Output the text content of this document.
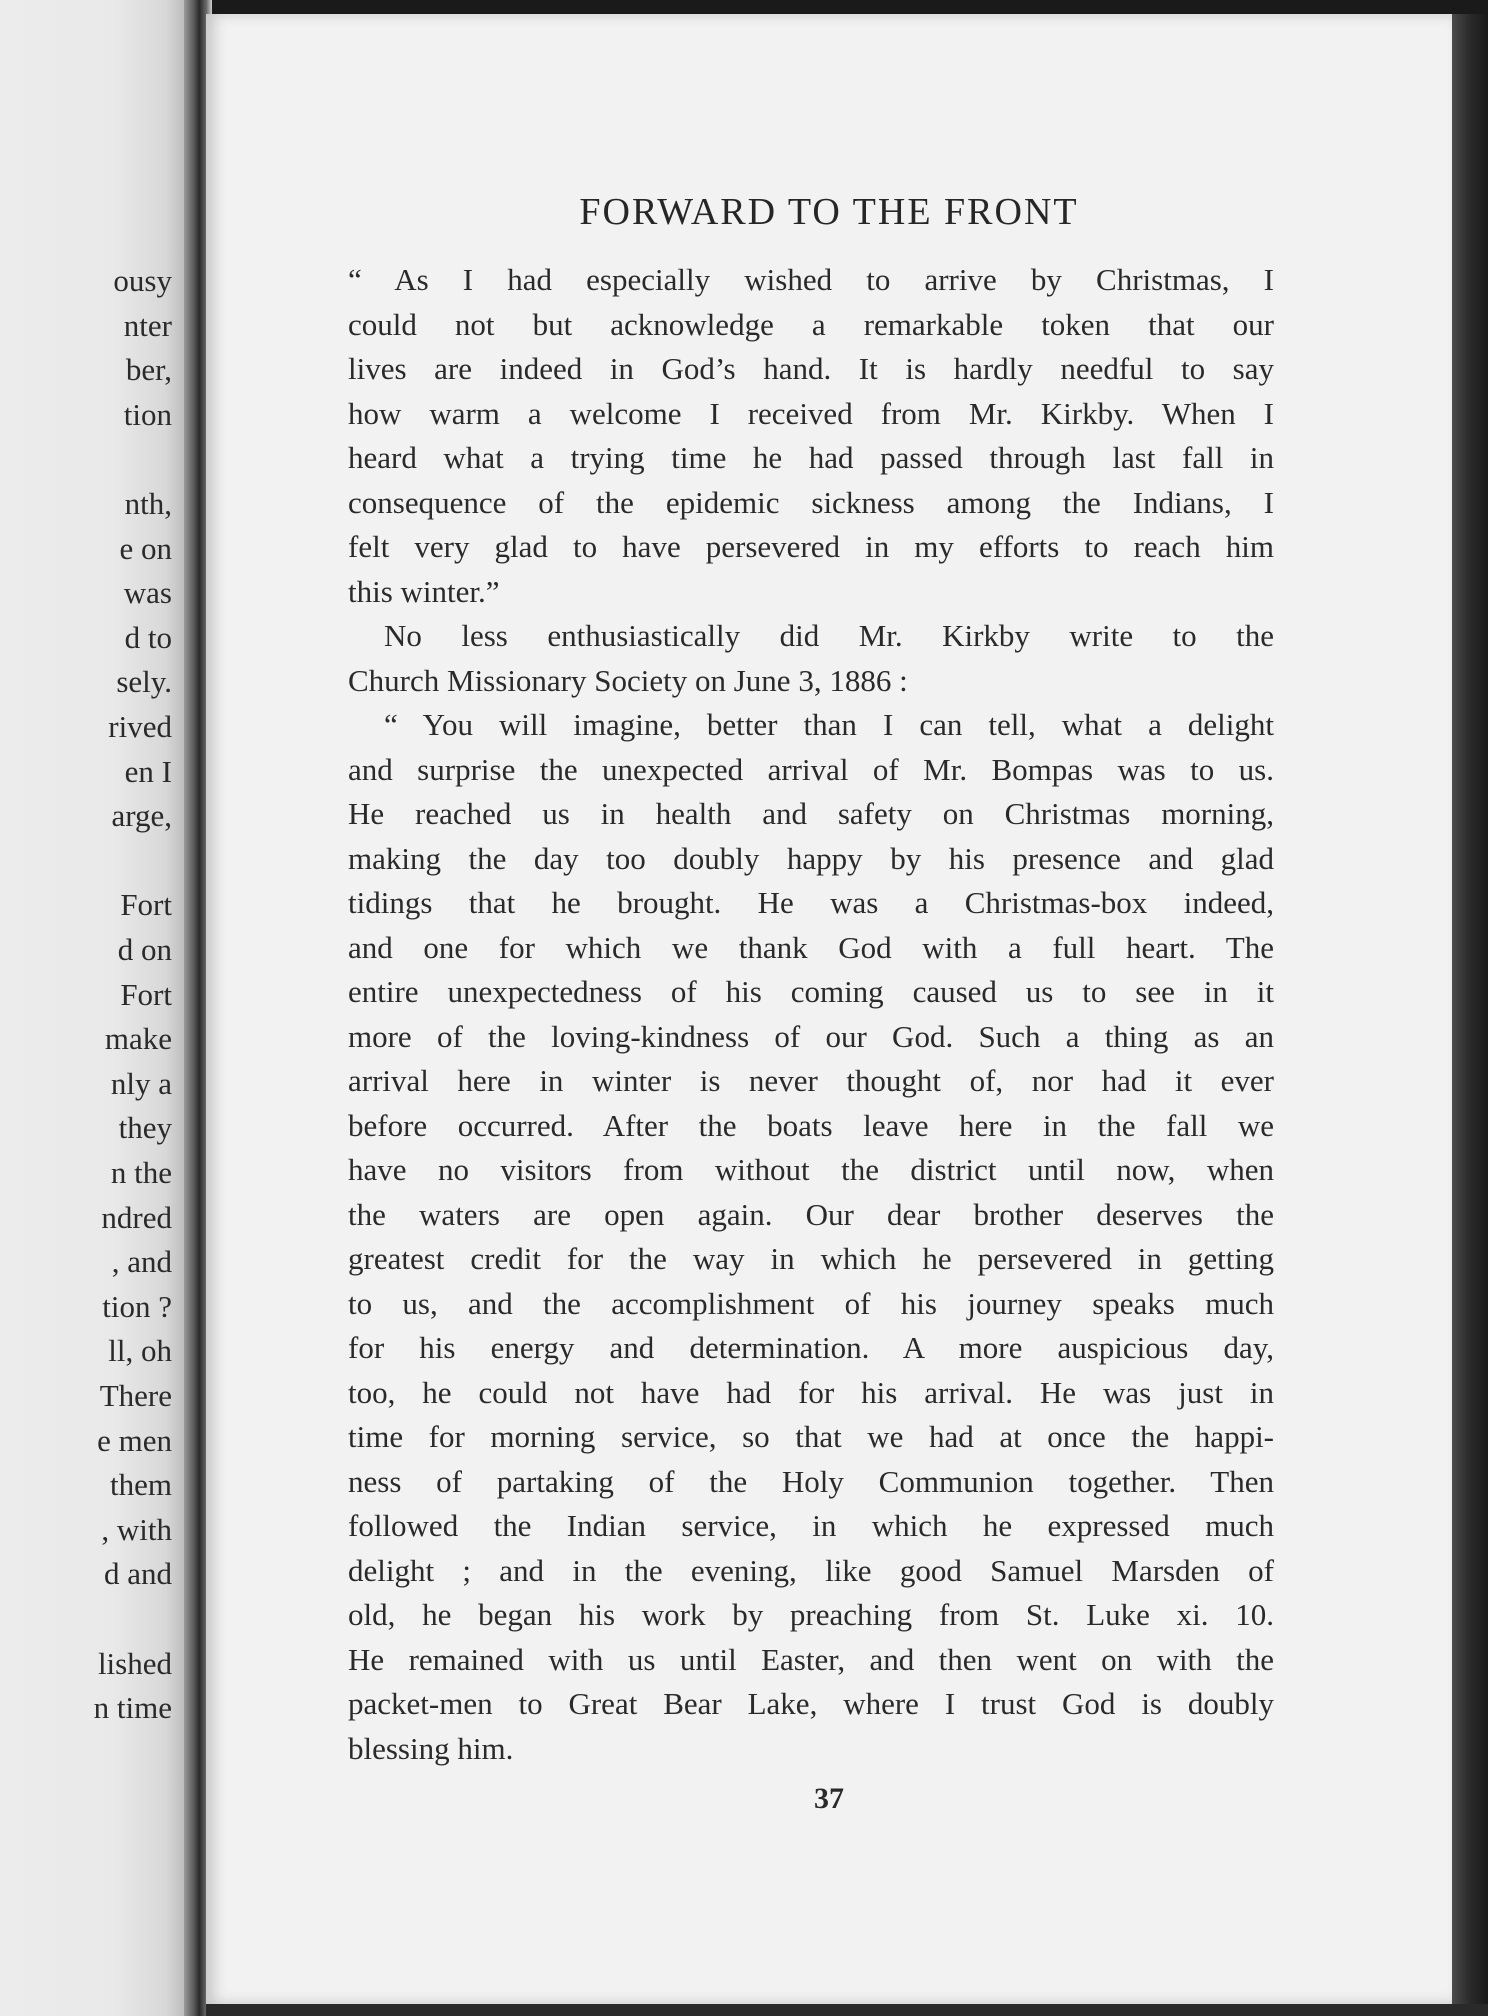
ousy
nter
ber,
tion
nth,
e on
was
d to
sely.
rived
en I
arge,
Fort
d on
Fort
make
nly a
they
n the
ndred
, and
tion ?
ll, oh
There
e men
them
, with
d and
lished
n time
FORWARD TO THE FRONT
“ As I had especially wished to arrive by Christmas, I
could not but acknowledge a remarkable token that our
lives are indeed in God’s hand. It is hardly needful to say
how warm a welcome I received from Mr. Kirkby. When I
heard what a trying time he had passed through last fall in
consequence of the epidemic sickness among the Indians, I
felt very glad to have persevered in my efforts to reach him
this winter.”
No less enthusiastically did Mr. Kirkby write to the
Church Missionary Society on June 3, 1886 :
“ You will imagine, better than I can tell, what a delight
and surprise the unexpected arrival of Mr. Bompas was to us.
He reached us in health and safety on Christmas morning,
making the day too doubly happy by his presence and glad
tidings that he brought. He was a Christmas-box indeed,
and one for which we thank God with a full heart. The
entire unexpectedness of his coming caused us to see in it
more of the loving-kindness of our God. Such a thing as an
arrival here in winter is never thought of, nor had it ever
before occurred. After the boats leave here in the fall we
have no visitors from without the district until now, when
the waters are open again. Our dear brother deserves the
greatest credit for the way in which he persevered in getting
to us, and the accomplishment of his journey speaks much
for his energy and determination. A more auspicious day,
too, he could not have had for his arrival. He was just in
time for morning service, so that we had at once the happi-
ness of partaking of the Holy Communion together. Then
followed the Indian service, in which he expressed much
delight ; and in the evening, like good Samuel Marsden of
old, he began his work by preaching from St. Luke xi. 10.
He remained with us until Easter, and then went on with the
packet-men to Great Bear Lake, where I trust God is doubly
blessing him.
37
